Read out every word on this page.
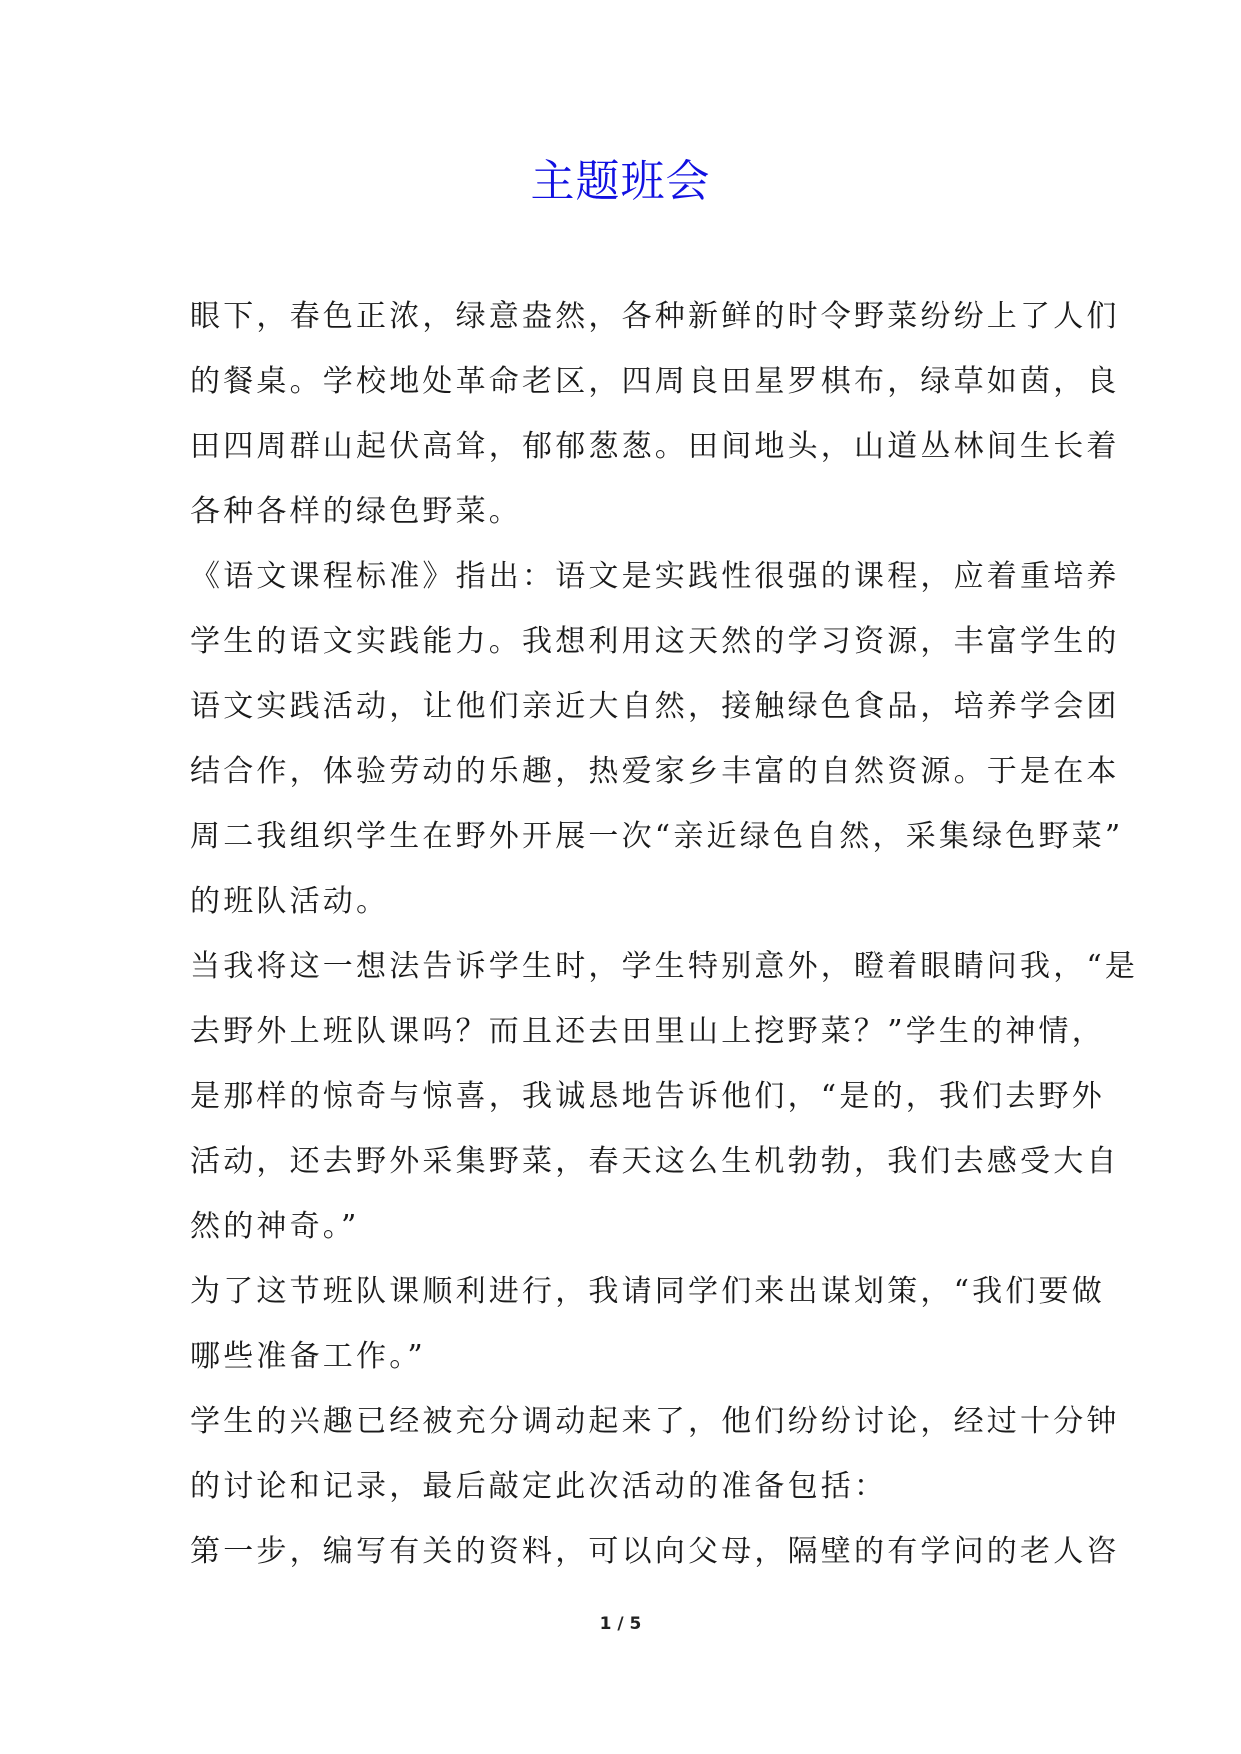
主题班会
眼下，春色正浓，绿意盎然，各种新鲜的时令野菜纷纷上了人们
的餐桌。学校地处革命老区，四周良田星罗棋布，绿草如茵，良
田四周群山起伏高耸，郁郁葱葱。田间地头，山道丛林间生长着
各种各样的绿色野菜。
《语文课程标准》指出：语文是实践性很强的课程，应着重培养
学生的语文实践能力。我想利用这天然的学习资源，丰富学生的
语文实践活动，让他们亲近大自然，接触绿色食品，培养学会团
结合作，体验劳动的乐趣，热爱家乡丰富的自然资源。于是在本
周二我组织学生在野外开展一次“亲近绿色自然，采集绿色野菜”
的班队活动。
当我将这一想法告诉学生时，学生特别意外，瞪着眼睛问我，“是
去野外上班队课吗？而且还去田里山上挖野菜？”学生的神情，
是那样的惊奇与惊喜，我诚恳地告诉他们，“是的，我们去野外
活动，还去野外采集野菜，春天这么生机勃勃，我们去感受大自
然的神奇。”
为了这节班队课顺利进行，我请同学们来出谋划策，“我们要做
哪些准备工作。”
学生的兴趣已经被充分调动起来了，他们纷纷讨论，经过十分钟
的讨论和记录，最后敲定此次活动的准备包括：
第一步，编写有关的资料，可以向父母，隔壁的有学问的老人咨
1 / 5
